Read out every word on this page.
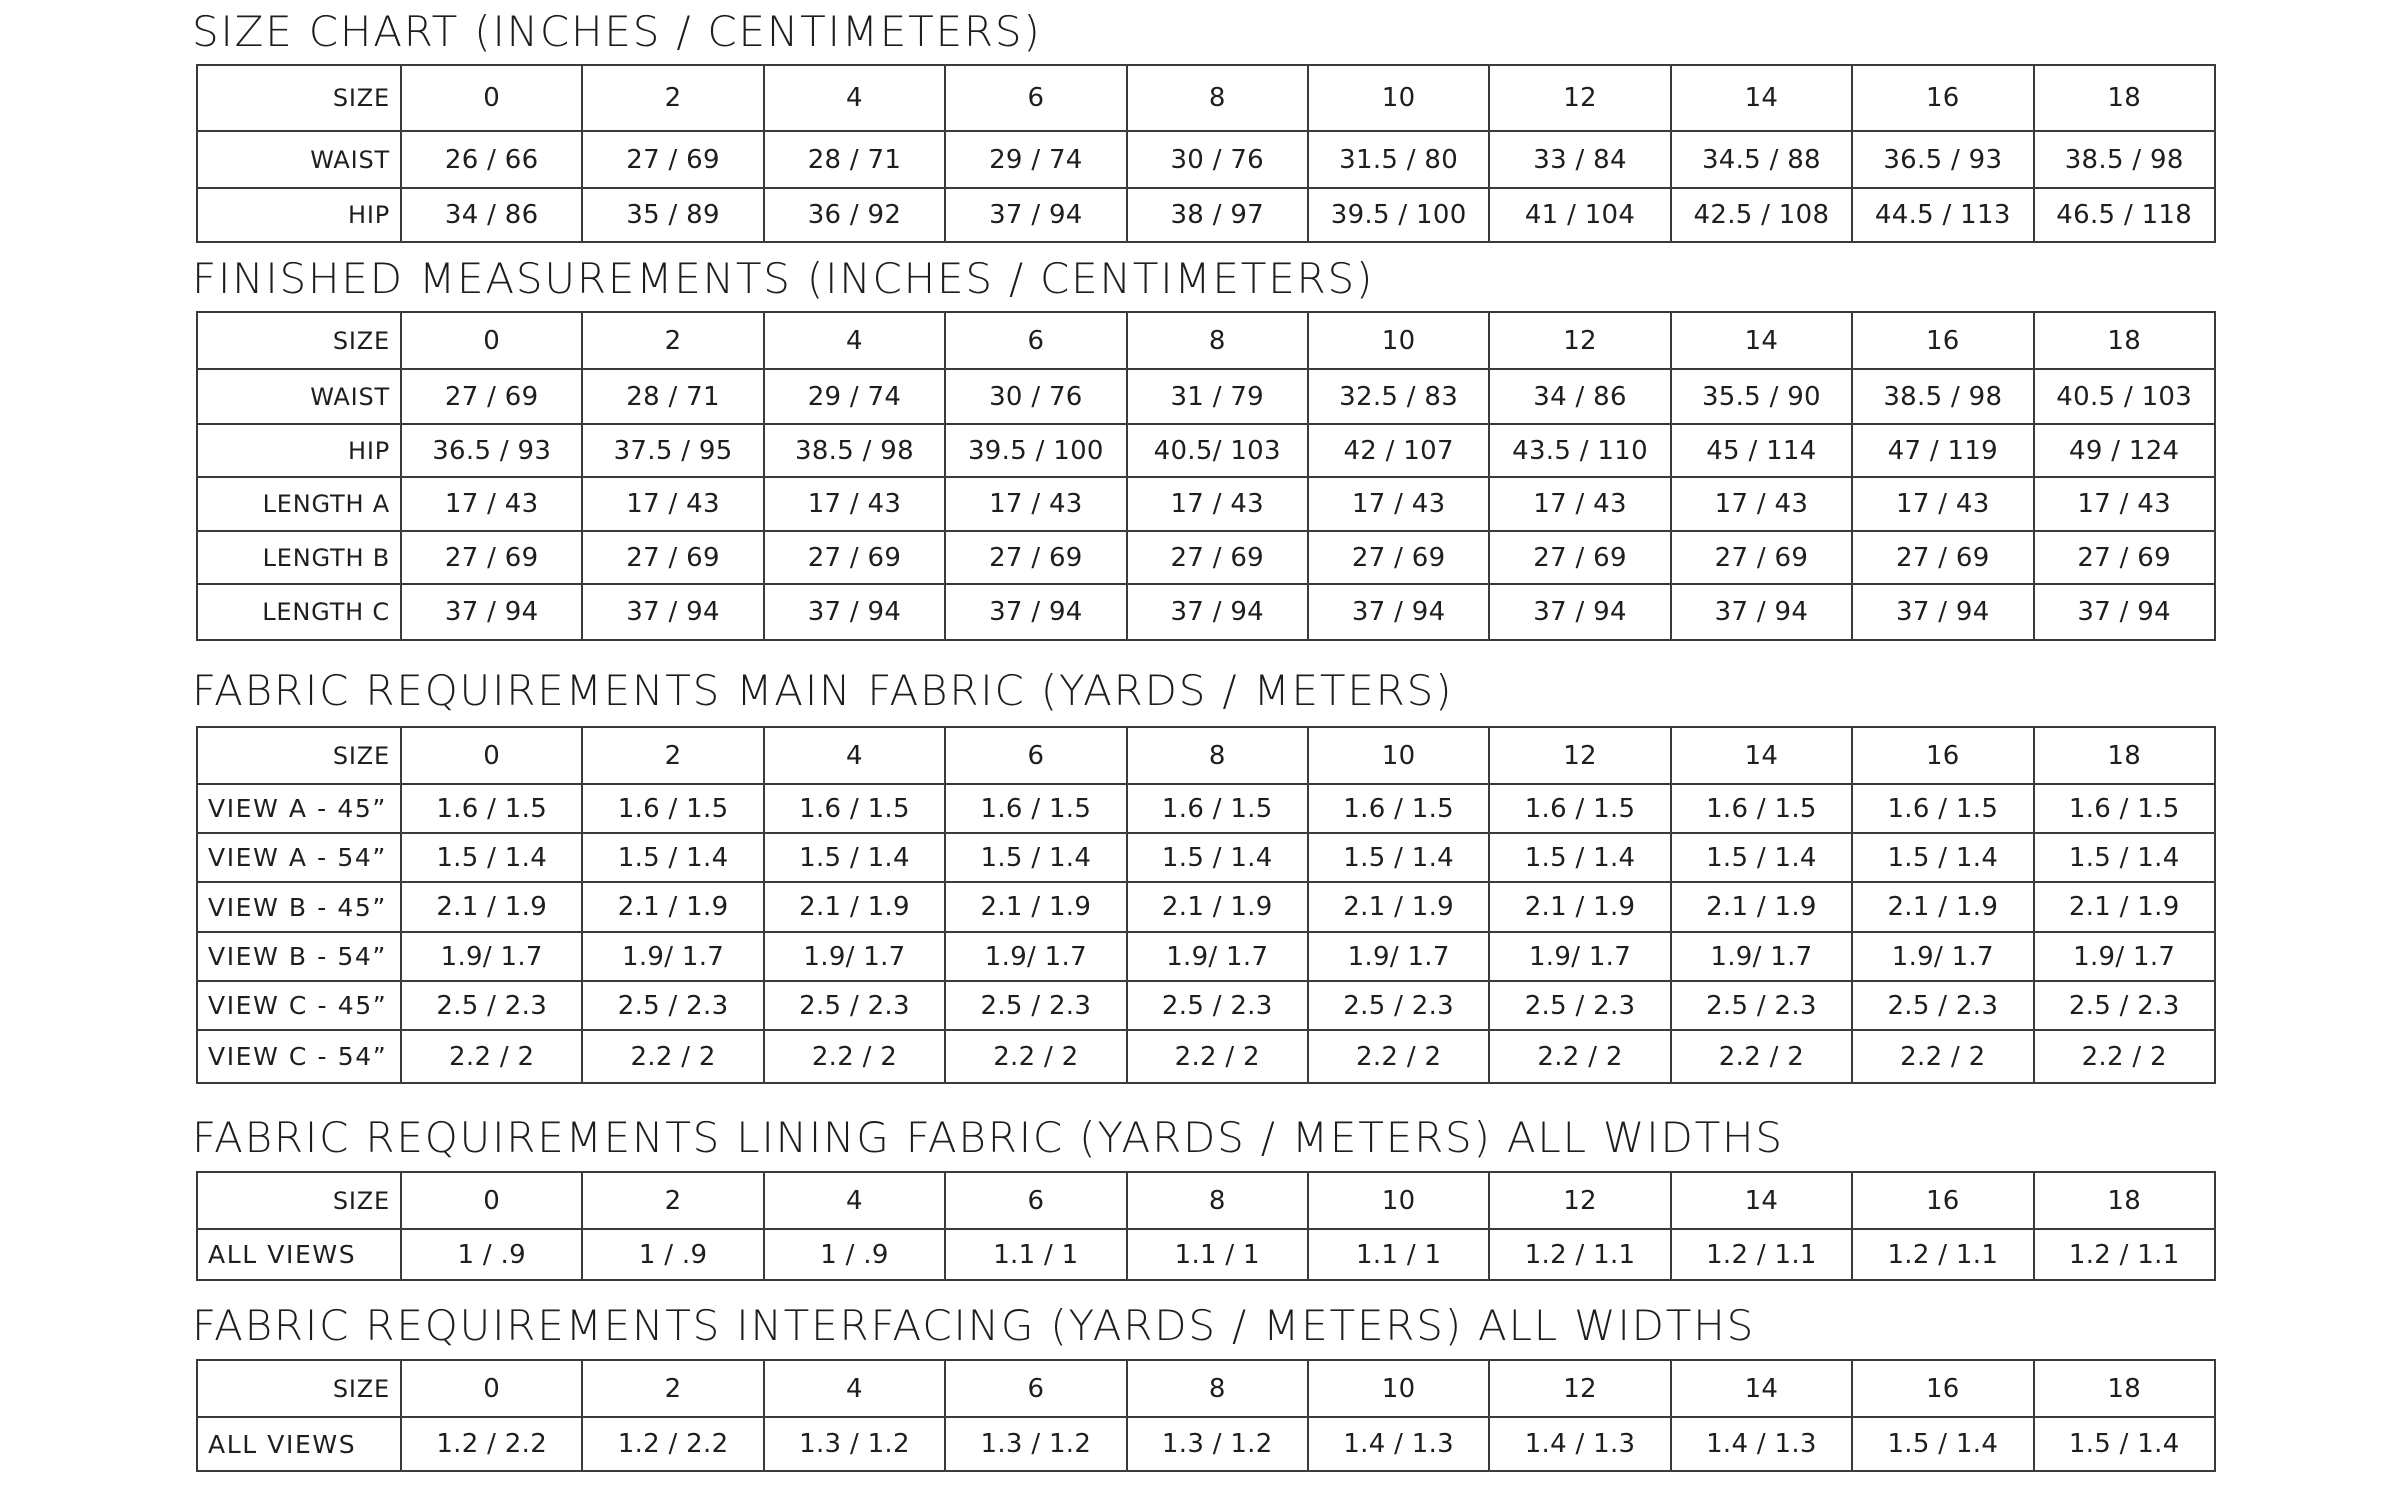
SIZE CHART (INCHES / CENTIMETERS)
SIZE	0	2	4	6	8	10	12	14	16	18
WAIST	26 / 66	27 / 69	28 / 71	29 / 74	30 / 76	31.5 / 80	33 / 84	34.5 / 88	36.5 / 93	38.5 / 98
HIP	34 / 86	35 / 89	36 / 92	37 / 94	38 / 97	39.5 / 100	41 / 104	42.5 / 108	44.5 / 113	46.5 / 118
FINISHED MEASUREMENTS (INCHES / CENTIMETERS)
SIZE	0	2	4	6	8	10	12	14	16	18
WAIST	27 / 69	28 / 71	29 / 74	30 / 76	31 / 79	32.5 / 83	34 / 86	35.5 / 90	38.5 / 98	40.5 / 103
HIP	36.5 / 93	37.5 / 95	38.5 / 98	39.5 / 100	40.5/ 103	42 / 107	43.5 / 110	45 / 114	47 / 119	49 / 124
LENGTH A	17 / 43	17 / 43	17 / 43	17 / 43	17 / 43	17 / 43	17 / 43	17 / 43	17 / 43	17 / 43
LENGTH B	27 / 69	27 / 69	27 / 69	27 / 69	27 / 69	27 / 69	27 / 69	27 / 69	27 / 69	27 / 69
LENGTH C	37 / 94	37 / 94	37 / 94	37 / 94	37 / 94	37 / 94	37 / 94	37 / 94	37 / 94	37 / 94
FABRIC REQUIREMENTS MAIN FABRIC (YARDS / METERS)
SIZE	0	2	4	6	8	10	12	14	16	18
VIEW A - 45”	1.6 / 1.5	1.6 / 1.5	1.6 / 1.5	1.6 / 1.5	1.6 / 1.5	1.6 / 1.5	1.6 / 1.5	1.6 / 1.5	1.6 / 1.5	1.6 / 1.5
VIEW A - 54”	1.5 / 1.4	1.5 / 1.4	1.5 / 1.4	1.5 / 1.4	1.5 / 1.4	1.5 / 1.4	1.5 / 1.4	1.5 / 1.4	1.5 / 1.4	1.5 / 1.4
VIEW B - 45”	2.1 / 1.9	2.1 / 1.9	2.1 / 1.9	2.1 / 1.9	2.1 / 1.9	2.1 / 1.9	2.1 / 1.9	2.1 / 1.9	2.1 / 1.9	2.1 / 1.9
VIEW B - 54”	1.9/ 1.7	1.9/ 1.7	1.9/ 1.7	1.9/ 1.7	1.9/ 1.7	1.9/ 1.7	1.9/ 1.7	1.9/ 1.7	1.9/ 1.7	1.9/ 1.7
VIEW C - 45”	2.5 / 2.3	2.5 / 2.3	2.5 / 2.3	2.5 / 2.3	2.5 / 2.3	2.5 / 2.3	2.5 / 2.3	2.5 / 2.3	2.5 / 2.3	2.5 / 2.3
VIEW C - 54”	2.2 / 2	2.2 / 2	2.2 / 2	2.2 / 2	2.2 / 2	2.2 / 2	2.2 / 2	2.2 / 2	2.2 / 2	2.2 / 2
FABRIC REQUIREMENTS LINING FABRIC (YARDS / METERS) ALL WIDTHS
SIZE	0	2	4	6	8	10	12	14	16	18
ALL VIEWS	1 / .9	1 / .9	1 / .9	1.1 / 1	1.1 / 1	1.1 / 1	1.2 / 1.1	1.2 / 1.1	1.2 / 1.1	1.2 / 1.1
FABRIC REQUIREMENTS INTERFACING (YARDS / METERS) ALL WIDTHS
SIZE	0	2	4	6	8	10	12	14	16	18
ALL VIEWS	1.2 / 2.2	1.2 / 2.2	1.3 / 1.2	1.3 / 1.2	1.3 / 1.2	1.4 / 1.3	1.4 / 1.3	1.4 / 1.3	1.5 / 1.4	1.5 / 1.4
